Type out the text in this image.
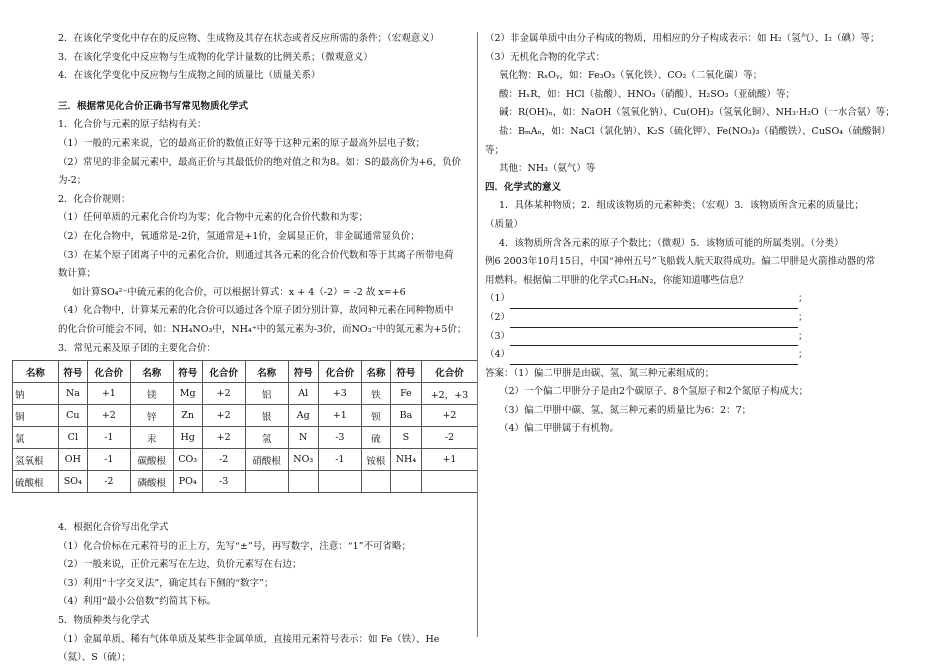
2．在该化学变化中存在的反应物、生成物及其存在状态或者反应所需的条件；（宏观意义）
3．在该化学变化中反应物与生成物的化学计量数的比例关系；（微观意义）
4．在该化学变化中反应物与生成物之间的质量比（质量关系）
三．根据常见化合价正确书写常见物质化学式
1．化合价与元素的原子结构有关：
（1）一般的元素来说，它的最高正价的数值正好等于这种元素的原子最高外层电子数；
（2）常见的非金属元素中，最高正价与其最低价的绝对值之和为8。如：S的最高价为+6，负价
为-2；
2．化合价规则：
（1）任何单质的元素化合价均为零；化合物中元素的化合价代数和为零；
（2）在化合物中，氧通常是-2价，氢通常是+1价，金属显正价，非金属通常显负价；
（3）在某个原子团离子中的元素化合价，则通过其各元素的化合价代数和等于其离子所带电荷
数计算；
如计算SO₄²⁻中硫元素的化合价，可以根据计算式：x + 4（-2）= -2 故 x=+6
（4）化合物中，计算某元素的化合价可以通过各个原子团分别计算，故同种元素在同种物质中
的化合价可能会不同，如：NH₄NO₃中，NH₄⁺中的氮元素为-3价，而NO₃⁻中的氮元素为+5价；
3．常见元素及原子团的主要化合价：
名称	符号	化合价	名称	符号	化合价	名称	符号	化合价	名称	符号	化合价
钠	Na	+1	镁	Mg	+2	铝	Al	+3	铁	Fe	+2，+3
铜	Cu	+2	锌	Zn	+2	银	Ag	+1	钡	Ba	+2
氯	Cl	-1	汞	Hg	+2	氢	N	-3	硫	S	-2
氢氧根	OH	-1	碳酸根	CO₃	-2	硝酸根	NO₃	-1	铵根	NH₄	+1
硫酸根	SO₄	-2	磷酸根	PO₄	-3						
4．根据化合价写出化学式
（1）化合价标在元素符号的正上方，先写“±”号，再写数字，注意：“1”不可省略；
（2）一般来说，正价元素写在左边，负价元素写在右边；
（3）利用“十字交叉法”，确定其右下侧的“数字”；
（4）利用“最小公倍数”约简其下标。
5．物质种类与化学式
（1）金属单质、稀有气体单质及某些非金属单质，直接用元素符号表示：如 Fe（铁）、He
（氦）、S（硫）；
（2）非金属单质中由分子构成的物质，用相应的分子构成表示：如 H₂（氢气）、I₂（碘）等；
（3）无机化合物的化学式：
氧化物：RₓOᵧ，如：Fe₃O₃（氧化铁）、CO₂（二氧化碳）等；
酸：HₓR，如：HCl（盐酸）、HNO₃（硝酸）、H₂SO₃（亚硫酸）等；
碱：R(OH)ₙ，如：NaOH（氢氧化钠）、Cu(OH)₂（氢氧化铜）、NH₃·H₂O（一水合氨）等；
盐：BₘAₙ，如：NaCl（氯化钠）、K₂S（硫化钾）、Fe(NO₃)₃（硝酸铁）、CuSO₄（硫酸铜）
等；
其他：NH₃（氨气）等
四．化学式的意义
1．具体某种物质；2．组成该物质的元素种类；（宏观）3．该物质所含元素的质量比；
（质量）
4．该物质所含各元素的原子个数比；（微观）5．该物质可能的所属类别。（分类）
例6 2003年10月15日，中国“神州五号”飞船载人航天取得成功。偏二甲肼是火箭推动器的常
用燃料。根据偏二甲肼的化学式C₂H₈N₂，你能知道哪些信息？
（1）	；
（2）	；
（3）	；
（4）	；
答案：（1）偏二甲肼是由碳、氢、氮三种元素组成的；
（2）一个偏二甲肼分子是由2个碳原子、8个氢原子和2个氮原子构成大；
（3）偏二甲肼中碳、氢、氮三种元素的质量比为6：2：7；
（4）偏二甲肼属于有机物。
